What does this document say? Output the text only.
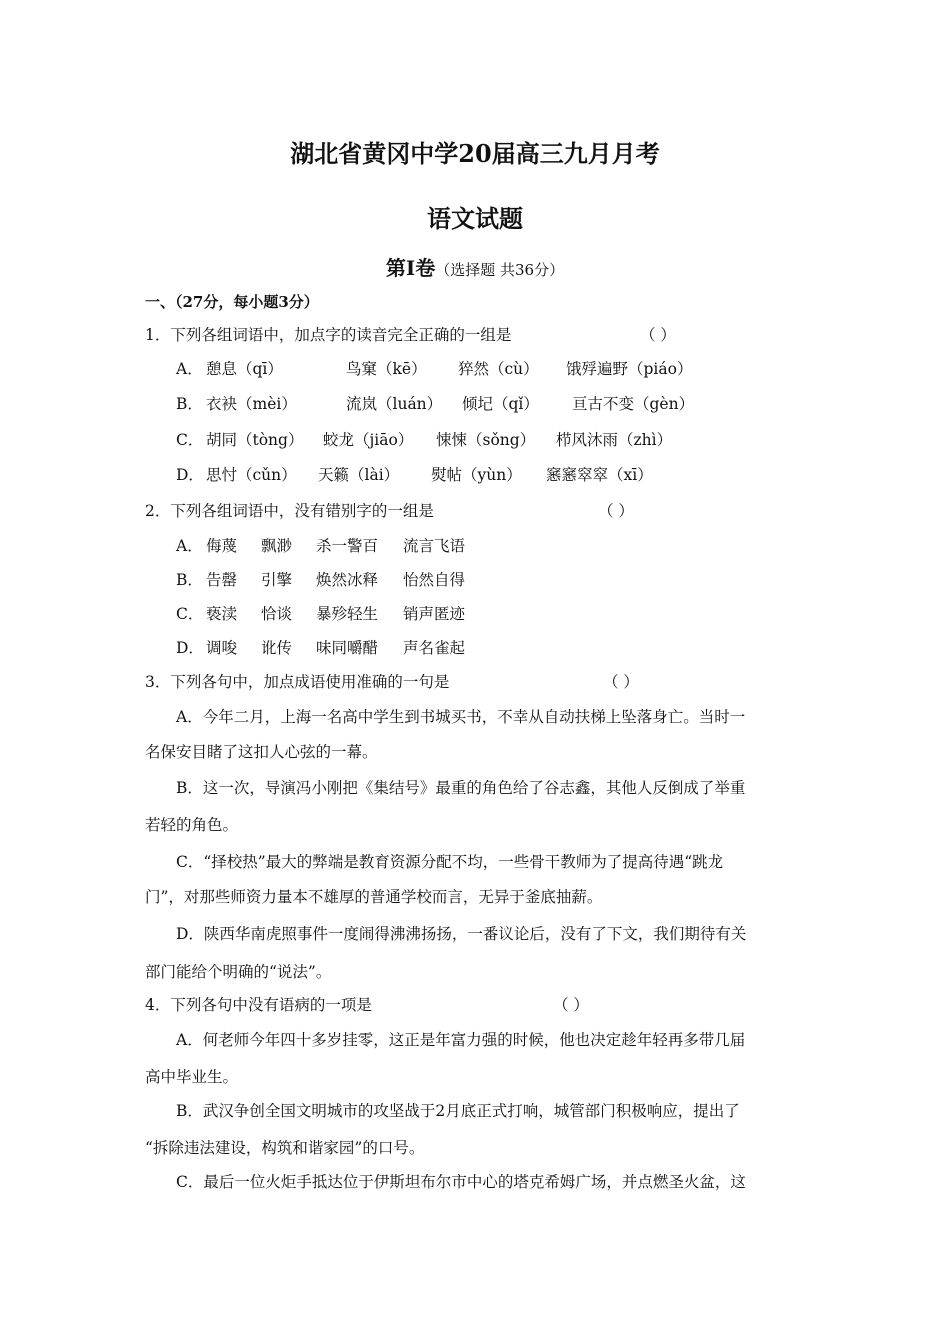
湖北省黄冈中学20届高三九月月考
语文试题
第I卷（选择题 共36分）
一、（27分，每小题3分）
1．下列各组词语中，加点字的读音完全正确的一组是	（ ）
A． 憩息（qī）	鸟窠（kē） 猝然（cù） 饿殍遍野（piáo）
B． 衣袂（mèi）	流岚（luán） 倾圮（qǐ） 亘古不变（gèn）
C． 胡同（tòng） 蛟龙（jiāo） 悚悚（sǒng） 栉风沐雨（zhì）
D． 思忖（cǔn） 天籁（lài） 熨帖（yùn） 窸窸窣窣（xī）
2．下列各组词语中，没有错别字的一组是	（ ）
A． 侮蔑 飘渺 杀一警百 流言飞语
B． 告罄 引擎 焕然冰释 怡然自得
C． 亵渎 恰谈 暴殄轻生 销声匿迹
D． 调唆 讹传 味同嚼醋 声名雀起
3．下列各句中，加点成语使用准确的一句是	（ ）
A．今年二月，上海一名高中学生到书城买书，不幸从自动扶梯上坠落身亡。当时一
名保安目睹了这扣人心弦的一幕。
B．这一次，导演冯小刚把《集结号》最重的角色给了谷志鑫，其他人反倒成了举重
若轻的角色。
C．“择校热”最大的弊端是教育资源分配不均，一些骨干教师为了提高待遇“跳龙
门”，对那些师资力量本不雄厚的普通学校而言，无异于釜底抽薪。
D．陕西华南虎照事件一度闹得沸沸扬扬，一番议论后，没有了下文，我们期待有关
部门能给个明确的“说法”。
4．下列各句中没有语病的一项是	（ ）
A．何老师今年四十多岁挂零，这正是年富力强的时候，他也决定趁年轻再多带几届
高中毕业生。
B．武汉争创全国文明城市的攻坚战于2月底正式打响，城管部门积极响应，提出了
“拆除违法建设，构筑和谐家园”的口号。
C．最后一位火炬手抵达位于伊斯坦布尔市中心的塔克希姆广场，并点燃圣火盆，这
